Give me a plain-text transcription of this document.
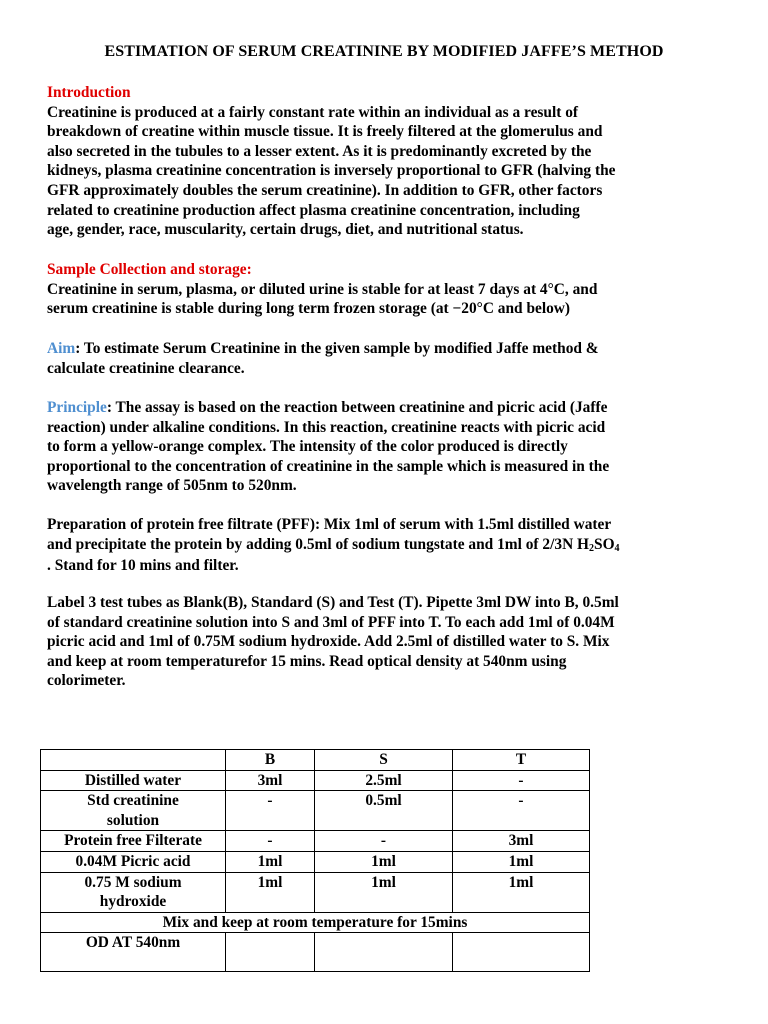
ESTIMATION OF SERUM CREATININE BY MODIFIED JAFFE’S METHOD
Introduction
Creatinine is produced at a fairly constant rate within an individual as a result of
breakdown of creatine within muscle tissue. It is freely filtered at the glomerulus and
also secreted in the tubules to a lesser extent. As it is predominantly excreted by the
kidneys, plasma creatinine concentration is inversely proportional to GFR (halving the
GFR approximately doubles the serum creatinine). In addition to GFR, other factors
related to creatinine production affect plasma creatinine concentration, including
age, gender, race, muscularity, certain drugs, diet, and nutritional status.
Sample Collection and storage:
Creatinine in serum, plasma, or diluted urine is stable for at least 7 days at 4°C, and
serum creatinine is stable during long term frozen storage (at −20°C and below)
Aim: To estimate Serum Creatinine in the given sample by modified Jaffe method &
calculate creatinine clearance.
Principle: The assay is based on the reaction between creatinine and picric acid (Jaffe
reaction) under alkaline conditions. In this reaction, creatinine reacts with picric acid
to form a yellow-orange complex. The intensity of the color produced is directly
proportional to the concentration of creatinine in the sample which is measured in the
wavelength range of 505nm to 520nm.
Preparation of protein free filtrate (PFF): Mix 1ml of serum with 1.5ml distilled water
and precipitate the protein by adding 0.5ml of sodium tungstate and 1ml of 2/3N H2SO4
. Stand for 10 mins and filter.
Label 3 test tubes as Blank(B), Standard (S) and Test (T). Pipette 3ml DW into B, 0.5ml
of standard creatinine solution into S and 3ml of PFF into T. To each add 1ml of 0.04M
picric acid and 1ml of 0.75M sodium hydroxide. Add 2.5ml of distilled water to S. Mix
and keep at room temperaturefor 15 mins. Read optical density at 540nm using
colorimeter.
	B	S	T
Distilled water	3ml	2.5ml	-
Std creatinine solution	-	0.5ml	-
Protein free Filterate	-	-	3ml
0.04M Picric acid	1ml	1ml	1ml
0.75 M sodium hydroxide	1ml	1ml	1ml
Mix and keep at room temperature for 15mins			
OD AT 540nm			
